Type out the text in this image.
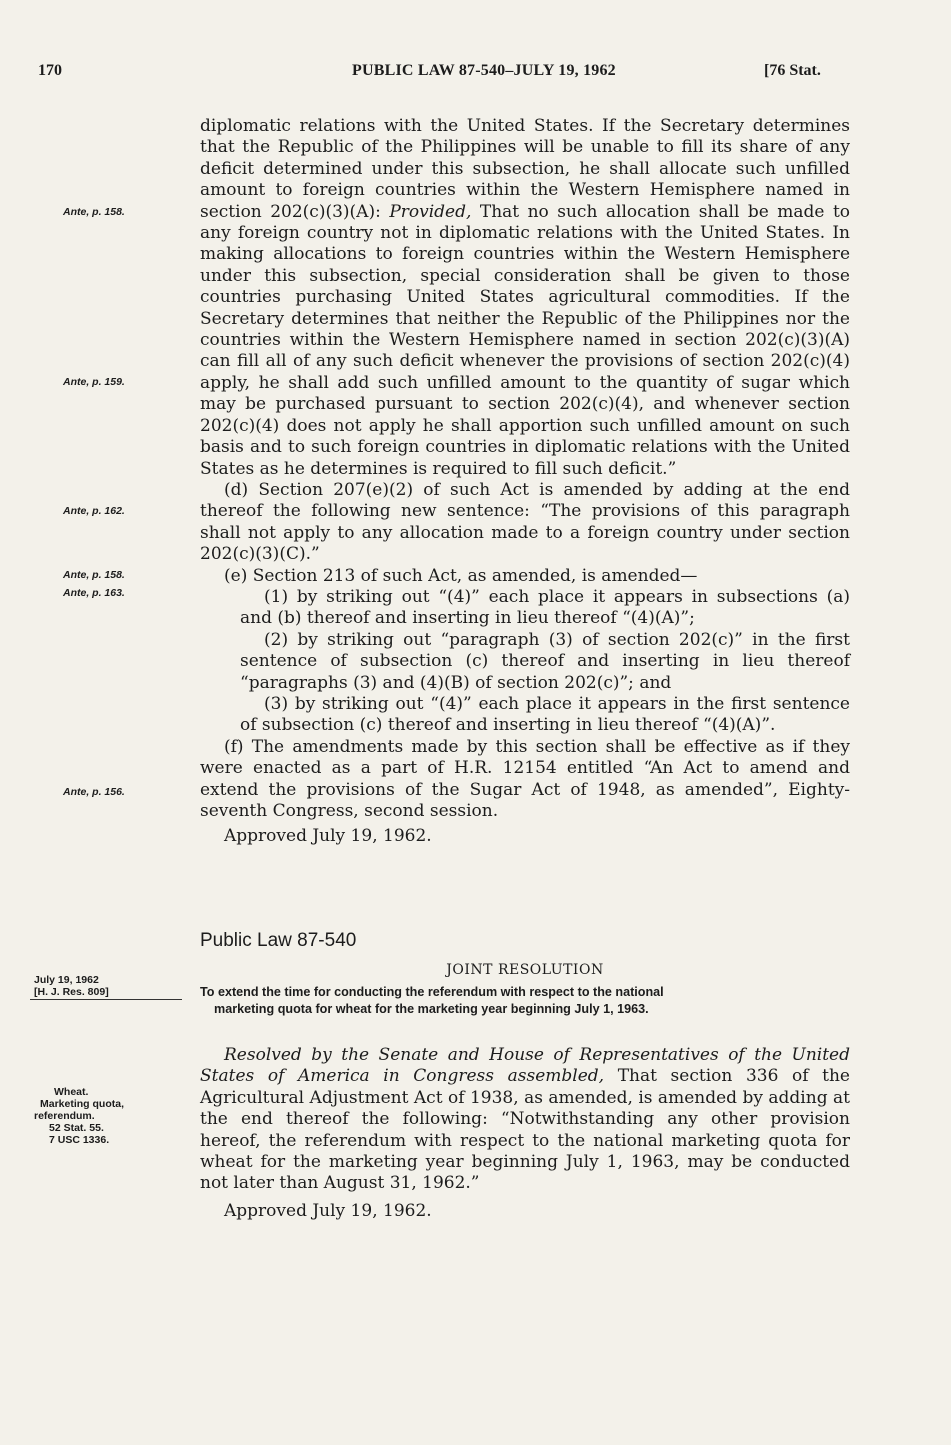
170	PUBLIC LAW 87-540–JULY 19, 1962	[76 Stat.
Ante, p. 158.
Ante, p. 159.
Ante, p. 162.
Ante, p. 158.
Ante, p. 163.
Ante, p. 156.
July 19, 1962
[H. J. Res. 809]
Wheat.
Marketing quota,
referendum.
52 Stat. 55.
7 USC 1336.

diplomatic relations with the United States. If the Secretary determines that the Republic of the Philippines will be unable to fill its share of any deficit determined under this subsection, he shall allocate such unfilled amount to foreign countries within the Western Hemisphere named in section 202(c)(3)(A): Provided, That no such allocation shall be made to any foreign country not in diplomatic relations with the United States. In making allocations to foreign countries within the Western Hemisphere under this subsection, special consideration shall be given to those countries purchasing United States agricultural commodities. If the Secretary determines that neither the Republic of the Philippines nor the countries within the Western Hemisphere named in section 202(c)(3)(A) can fill all of any such deficit whenever the provisions of section 202(c)(4) apply, he shall add such unfilled amount to the quantity of sugar which may be purchased pursuant to section 202(c)(4), and whenever section 202(c)(4) does not apply he shall apportion such unfilled amount on such basis and to such foreign countries in diplomatic relations with the United States as he determines is required to fill such deficit.”

(d) Section 207(e)(2) of such Act is amended by adding at the end thereof the following new sentence: “The provisions of this paragraph shall not apply to any allocation made to a foreign country under section 202(c)(3)(C).”

(e) Section 213 of such Act, as amended, is amended—

(1) by striking out “(4)” each place it appears in subsections (a) and (b) thereof and inserting in lieu thereof “(4)(A)”;

(2) by striking out “paragraph (3) of section 202(c)” in the first sentence of subsection (c) thereof and inserting in lieu thereof “paragraphs (3) and (4)(B) of section 202(c)”; and

(3) by striking out “(4)” each place it appears in the first sentence of subsection (c) thereof and inserting in lieu thereof “(4)(A)”.

(f) The amendments made by this section shall be effective as if they were enacted as a part of H.R. 12154 entitled “An Act to amend and extend the provisions of the Sugar Act of 1948, as amended”, Eighty-seventh Congress, second session.

Approved July 19, 1962.

Public Law 87-540
JOINT RESOLUTION
To extend the time for conducting the referendum with respect to the national
marketing quota for wheat for the marketing year beginning July 1, 1963.

Resolved by the Senate and House of Representatives of the United States of America in Congress assembled, That section 336 of the Agricultural Adjustment Act of 1938, as amended, is amended by adding at the end thereof the following: “Notwithstanding any other provision hereof, the referendum with respect to the national marketing quota for wheat for the marketing year beginning July 1, 1963, may be conducted not later than August 31, 1962.”

Approved July 19, 1962.
